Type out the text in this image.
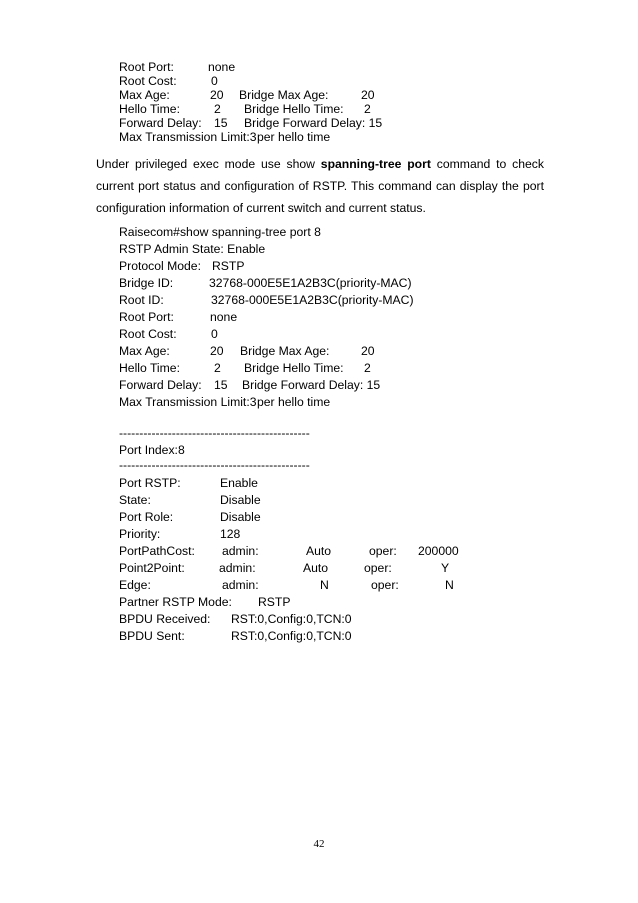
Root Port:	none
Root Cost:	0
Max Age:	20 Bridge Max Age:	20
Hello Time:	2 Bridge Hello Time: 2
Forward Delay: 15 Bridge Forward Delay: 15
Max Transmission Limit:3 per hello time
Under privileged exec mode use show spanning-tree port command to check current port status and configuration of RSTP. This command can display the port configuration information of current switch and current status.
Raisecom#show spanning-tree port 8
RSTP Admin State: Enable
Protocol Mode: RSTP
Bridge ID:	32768-000E5E1A2B3C(priority-MAC)
Root ID:	32768-000E5E1A2B3C(priority-MAC)
Root Port:	none
Root Cost:	0
Max Age:	20 Bridge Max Age:	20
Hello Time:	2 Bridge Hello Time: 2
Forward Delay: 15 Bridge Forward Delay: 15
Max Transmission Limit:3 per hello time
-----------------------------------------------
Port Index:8
-----------------------------------------------
Port RSTP:	Enable
State:	Disable
Port Role:	Disable
Priority:	128
PortPathCost: admin:	Auto	oper: 200000
Point2Point:	admin:	Auto	oper:	Y
Edge:	admin:	N	oper:	N
Partner RSTP Mode: RSTP
BPDU Received: RST:0,Config:0,TCN:0
BPDU Sent:	RST:0,Config:0,TCN:0
42
